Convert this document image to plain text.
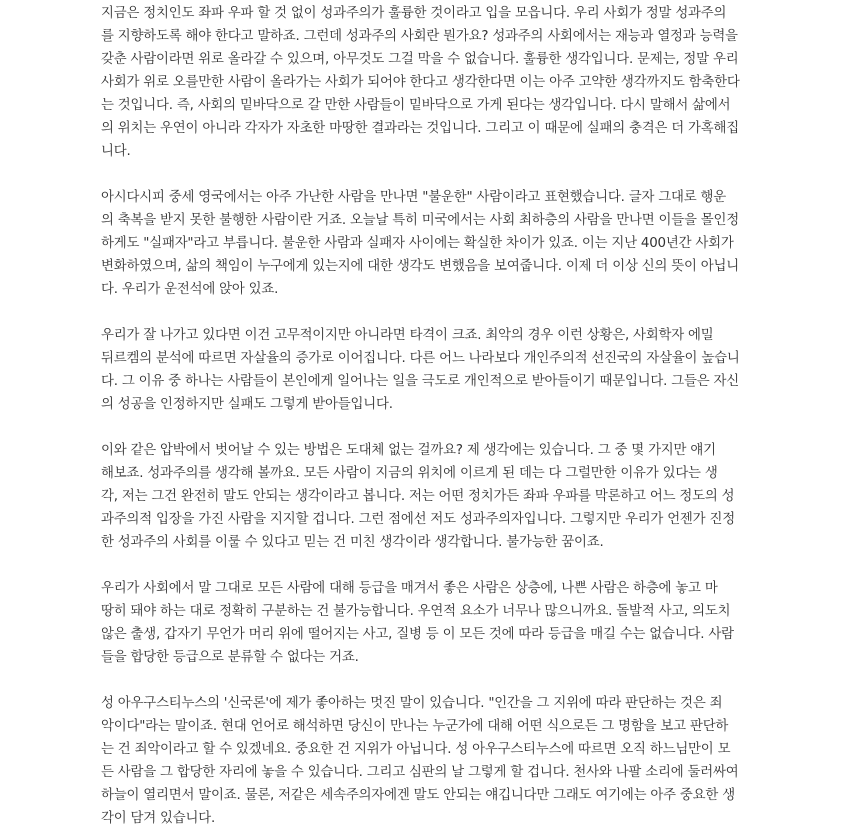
지금은 정치인도 좌파 우파 할 것 없이 성과주의가 훌륭한 것이라고 입을 모읍니다. 우리 사회가 정말 성과주의
를 지향하도록 해야 한다고 말하죠. 그런데 성과주의 사회란 뭔가요? 성과주의 사회에서는 재능과 열정과 능력을
갖춘 사람이라면 위로 올라갈 수 있으며, 아무것도 그걸 막을 수 없습니다. 훌륭한 생각입니다. 문제는, 정말 우리
사회가 위로 오를만한 사람이 올라가는 사회가 되어야 한다고 생각한다면 이는 아주 고약한 생각까지도 함축한다
는 것입니다. 즉, 사회의 밑바닥으로 갈 만한 사람들이 밑바닥으로 가게 된다는 생각입니다. 다시 말해서 삶에서
의 위치는 우연이 아니라 각자가 자초한 마땅한 결과라는 것입니다. 그리고 이 때문에 실패의 충격은 더 가혹해집
니다.

아시다시피 중세 영국에서는 아주 가난한 사람을 만나면 "불운한" 사람이라고 표현했습니다. 글자 그대로 행운
의 축복을 받지 못한 불행한 사람이란 거죠. 오늘날 특히 미국에서는 사회 최하층의 사람을 만나면 이들을 몰인정
하게도 "실패자"라고 부릅니다. 불운한 사람과 실패자 사이에는 확실한 차이가 있죠. 이는 지난 400년간 사회가
변화하였으며, 삶의 책임이 누구에게 있는지에 대한 생각도 변했음을 보여줍니다. 이제 더 이상 신의 뜻이 아닙니
다. 우리가 운전석에 앉아 있죠.

우리가 잘 나가고 있다면 이건 고무적이지만 아니라면 타격이 크죠. 최악의 경우 이런 상황은, 사회학자 에밀
뒤르켐의 분석에 따르면 자살율의 증가로 이어집니다. 다른 어느 나라보다 개인주의적 선진국의 자살율이 높습니
다. 그 이유 중 하나는 사람들이 본인에게 일어나는 일을 극도로 개인적으로 받아들이기 때문입니다. 그들은 자신
의 성공을 인정하지만 실패도 그렇게 받아들입니다.

이와 같은 압박에서 벗어날 수 있는 방법은 도대체 없는 걸까요? 제 생각에는 있습니다. 그 중 몇 가지만 얘기
해보죠. 성과주의를 생각해 볼까요. 모든 사람이 지금의 위치에 이르게 된 데는 다 그럴만한 이유가 있다는 생
각, 저는 그건 완전히 말도 안되는 생각이라고 봅니다. 저는 어떤 정치가든 좌파 우파를 막론하고 어느 정도의 성
과주의적 입장을 가진 사람을 지지할 겁니다. 그런 점에선 저도 성과주의자입니다. 그렇지만 우리가 언젠가 진정
한 성과주의 사회를 이룰 수 있다고 믿는 건 미친 생각이라 생각합니다. 불가능한 꿈이죠.

우리가 사회에서 말 그대로 모든 사람에 대해 등급을 매겨서 좋은 사람은 상층에, 나쁜 사람은 하층에 놓고 마
땅히 돼야 하는 대로 정확히 구분하는 건 불가능합니다. 우연적 요소가 너무나 많으니까요. 돌발적 사고, 의도치
않은 출생, 갑자기 무언가 머리 위에 떨어지는 사고, 질병 등 이 모든 것에 따라 등급을 매길 수는 없습니다. 사람
들을 합당한 등급으로 분류할 수 없다는 거죠.

성 아우구스티누스의 '신국론'에 제가 좋아하는 멋진 말이 있습니다. "인간을 그 지위에 따라 판단하는 것은 죄
악이다"라는 말이죠. 현대 언어로 해석하면 당신이 만나는 누군가에 대해 어떤 식으로든 그 명함을 보고 판단하
는 건 죄악이라고 할 수 있겠네요. 중요한 건 지위가 아닙니다. 성 아우구스티누스에 따르면 오직 하느님만이 모
든 사람을 그 합당한 자리에 놓을 수 있습니다. 그리고 심판의 날 그렇게 할 겁니다. 천사와 나팔 소리에 둘러싸여
하늘이 열리면서 말이죠. 물론, 저같은 세속주의자에겐 말도 안되는 얘깁니다만 그래도 여기에는 아주 중요한 생
각이 담겨 있습니다.
